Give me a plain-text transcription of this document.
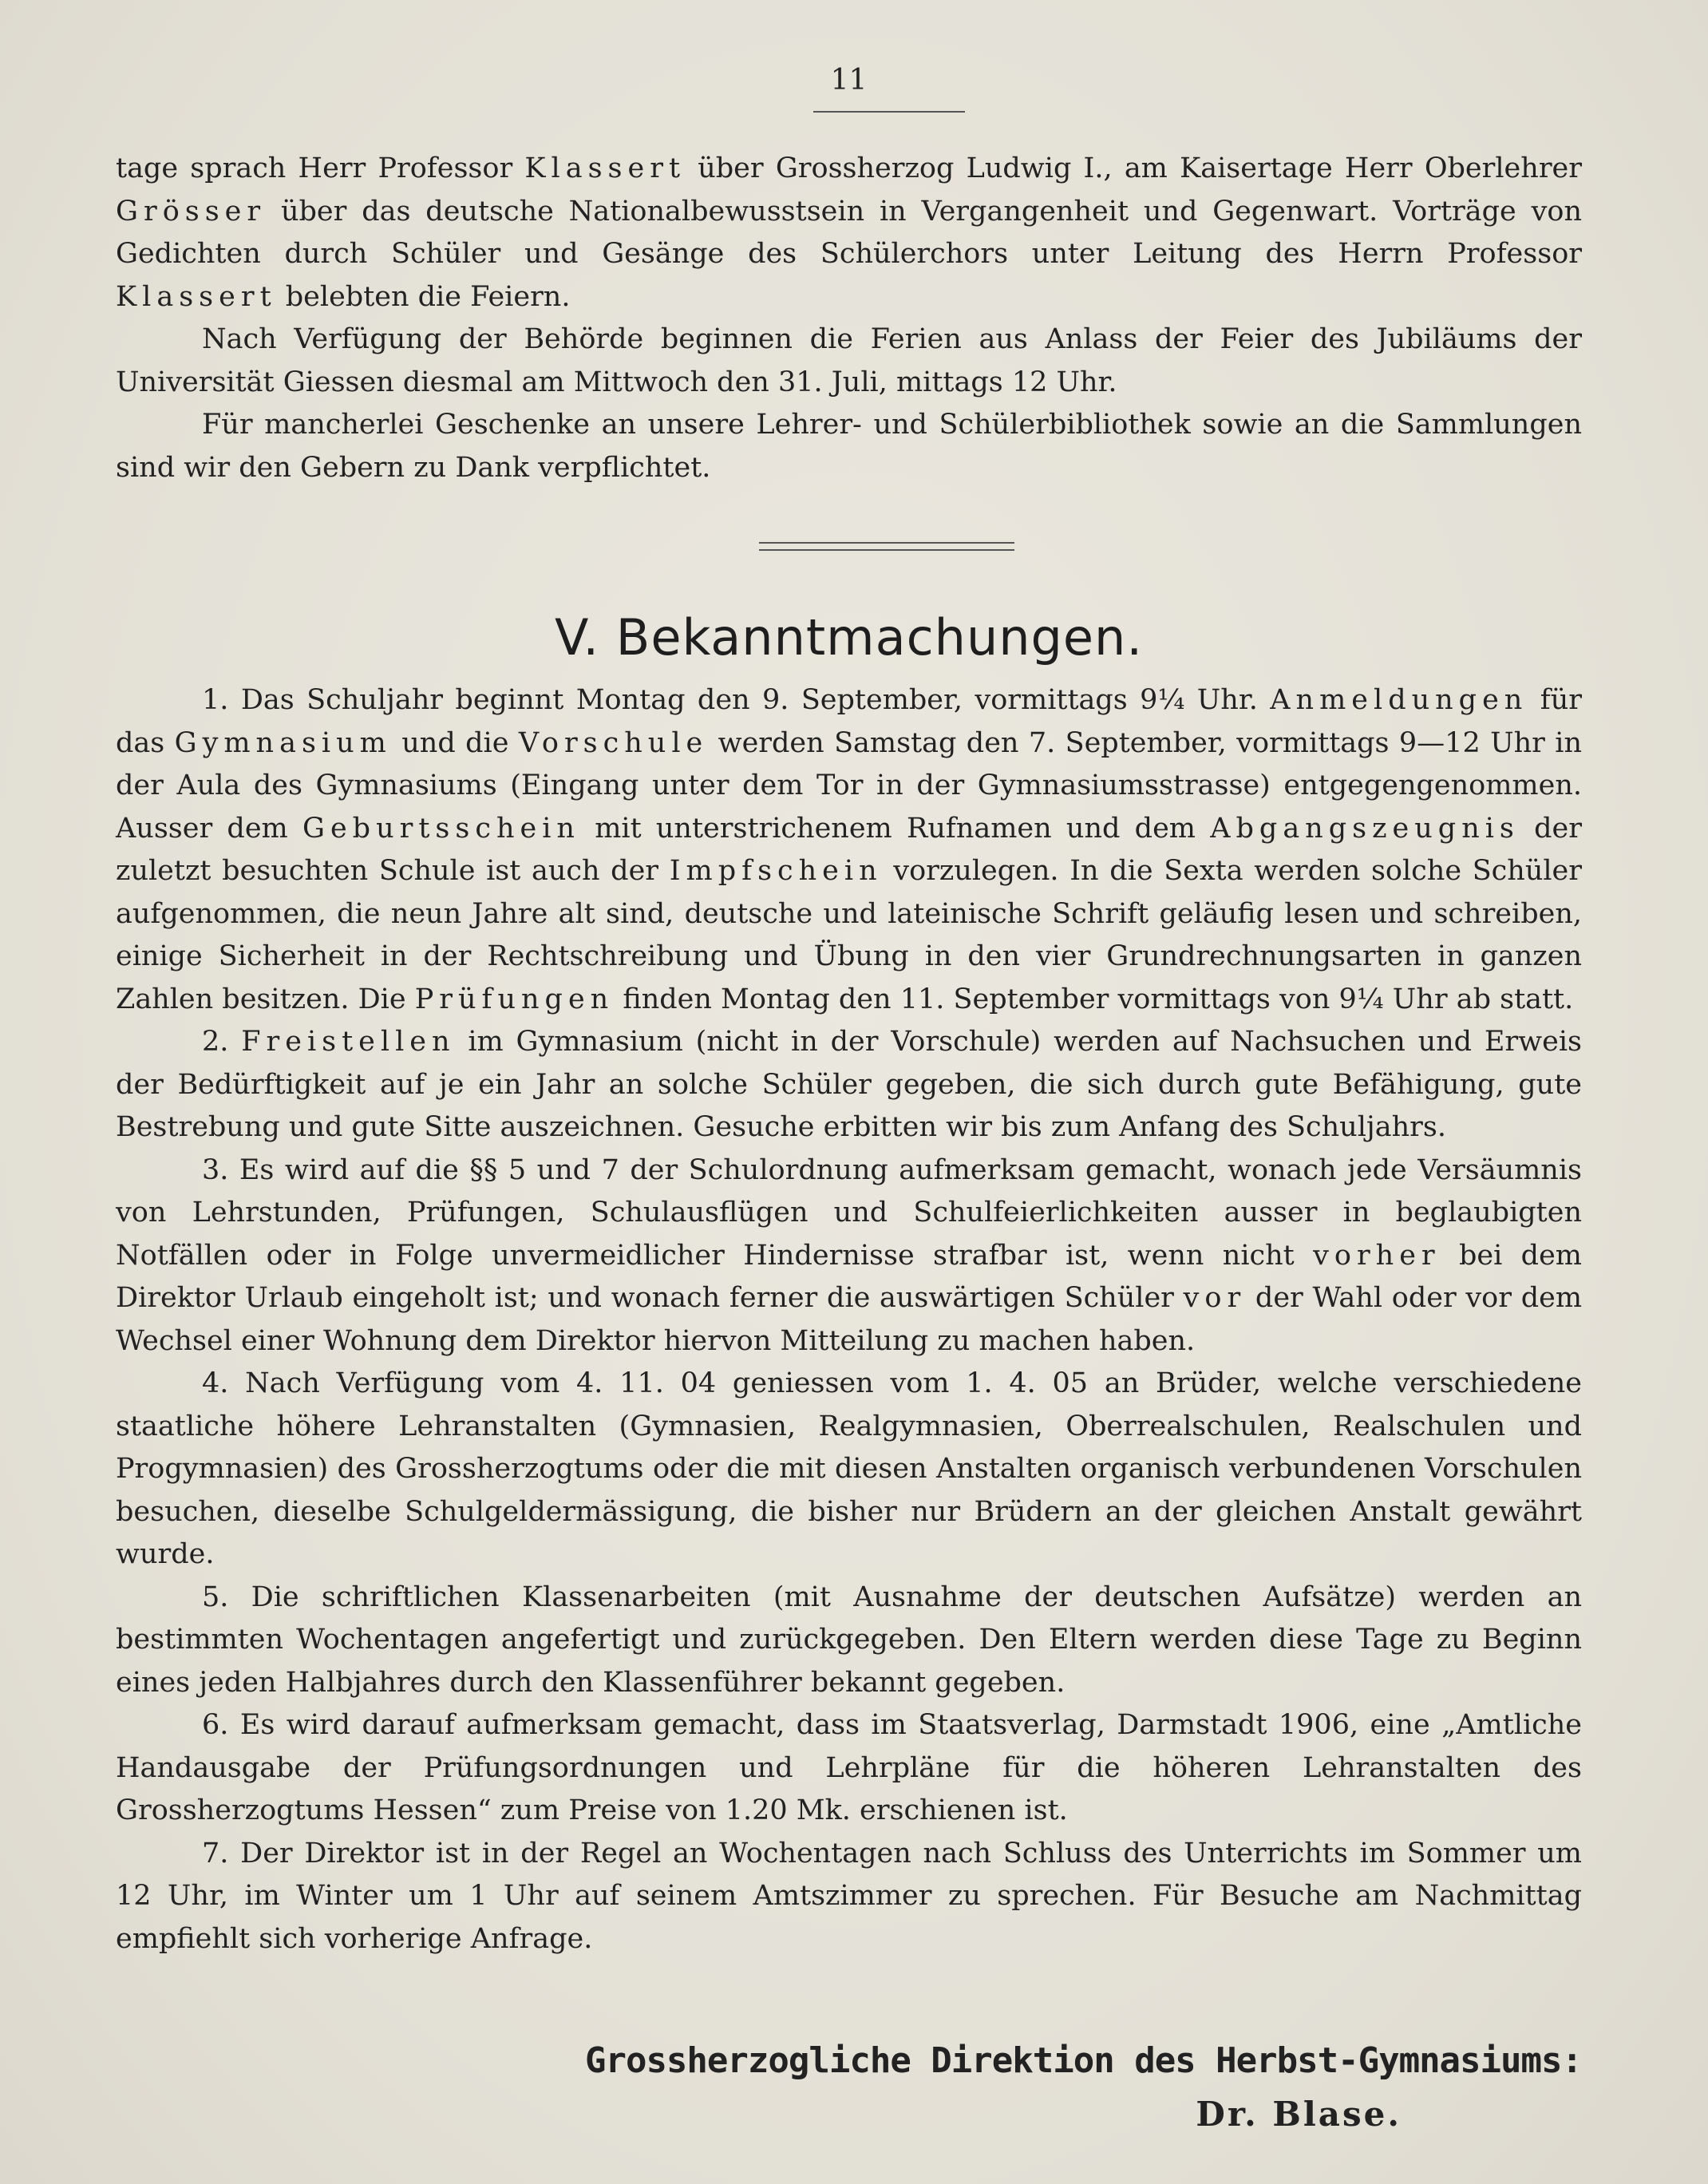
11

tage sprach Herr Professor Klassert über Grossherzog Ludwig I., am Kaisertage Herr Oberlehrer Grösser über das deutsche Nationalbewusstsein in Vergangenheit und Gegenwart. Vorträge von Gedichten durch Schüler und Gesänge des Schülerchors unter Leitung des Herrn Professor Klassert belebten die Feiern.

Nach Verfügung der Behörde beginnen die Ferien aus Anlass der Feier des Jubiläums der Universität Giessen diesmal am Mittwoch den 31. Juli, mittags 12 Uhr.

Für mancherlei Geschenke an unsere Lehrer- und Schülerbibliothek sowie an die Sammlungen sind wir den Gebern zu Dank verpflichtet.

V. Bekanntmachungen.

1. Das Schuljahr beginnt Montag den 9. September, vormittags 9¼ Uhr. Anmeldungen für das Gymnasium und die Vorschule werden Samstag den 7. September, vormittags 9—12 Uhr in der Aula des Gymnasiums (Eingang unter dem Tor in der Gymnasiumsstrasse) entgegengenommen. Ausser dem Geburtsschein mit unterstrichenem Rufnamen und dem Abgangszeugnis der zuletzt besuchten Schule ist auch der Impfschein vorzulegen. In die Sexta werden solche Schüler aufgenommen, die neun Jahre alt sind, deutsche und lateinische Schrift geläufig lesen und schreiben, einige Sicherheit in der Rechtschreibung und Übung in den vier Grundrechnungsarten in ganzen Zahlen besitzen. Die Prüfungen finden Montag den 11. September vormittags von 9¼ Uhr ab statt.

2. Freistellen im Gymnasium (nicht in der Vorschule) werden auf Nachsuchen und Erweis der Bedürftigkeit auf je ein Jahr an solche Schüler gegeben, die sich durch gute Befähigung, gute Bestrebung und gute Sitte auszeichnen. Gesuche erbitten wir bis zum Anfang des Schuljahrs.

3. Es wird auf die §§ 5 und 7 der Schulordnung aufmerksam gemacht, wonach jede Versäumnis von Lehrstunden, Prüfungen, Schulausflügen und Schulfeierlichkeiten ausser in beglaubigten Notfällen oder in Folge unvermeidlicher Hindernisse strafbar ist, wenn nicht vorher bei dem Direktor Urlaub eingeholt ist; und wonach ferner die auswärtigen Schüler vor der Wahl oder vor dem Wechsel einer Wohnung dem Direktor hiervon Mitteilung zu machen haben.

4. Nach Verfügung vom 4. 11. 04 geniessen vom 1. 4. 05 an Brüder, welche verschiedene staatliche höhere Lehranstalten (Gymnasien, Realgymnasien, Oberrealschulen, Realschulen und Progymnasien) des Grossherzogtums oder die mit diesen Anstalten organisch verbundenen Vorschulen besuchen, dieselbe Schulgeldermässigung, die bisher nur Brüdern an der gleichen Anstalt gewährt wurde.

5. Die schriftlichen Klassenarbeiten (mit Ausnahme der deutschen Aufsätze) werden an bestimmten Wochentagen angefertigt und zurückgegeben. Den Eltern werden diese Tage zu Beginn eines jeden Halbjahres durch den Klassenführer bekannt gegeben.

6. Es wird darauf aufmerksam gemacht, dass im Staatsverlag, Darmstadt 1906, eine „Amtliche Handausgabe der Prüfungsordnungen und Lehrpläne für die höheren Lehranstalten des Grossherzogtums Hessen“ zum Preise von 1.20 Mk. erschienen ist.

7. Der Direktor ist in der Regel an Wochentagen nach Schluss des Unterrichts im Sommer um 12 Uhr, im Winter um 1 Uhr auf seinem Amtszimmer zu sprechen. Für Besuche am Nachmittag empfiehlt sich vorherige Anfrage.

Grossherzogliche Direktion des Herbst-Gymnasiums:
Dr. Blase.
